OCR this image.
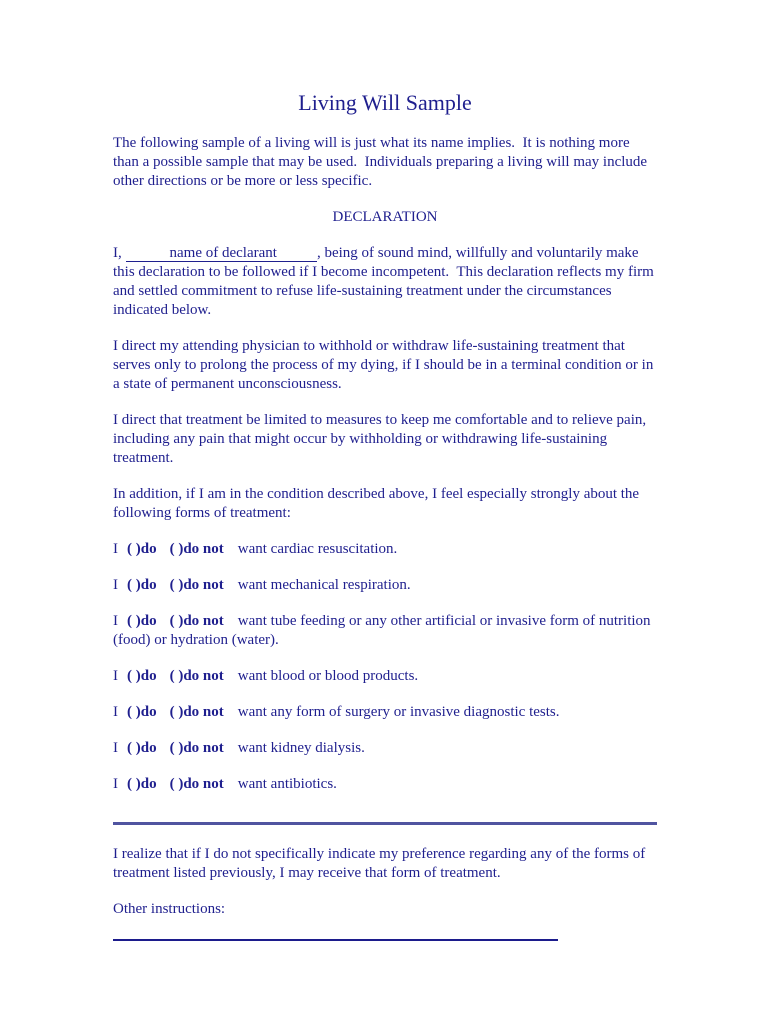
Living Will Sample

The following sample of a living will is just what its name implies.  It is nothing more than a possible sample that may be used.  Individuals preparing a living will may include other directions or be more or less specific.

DECLARATION

I,	name of declarant	, being of sound mind, willfully and voluntarily make this declaration to be followed if I become incompetent.  This declaration reflects my firm and settled commitment to refuse life-sustaining treatment under the circumstances indicated below.

I direct my attending physician to withhold or withdraw life-sustaining treatment that serves only to prolong the process of my dying, if I should be in a terminal condition or in a state of permanent unconsciousness.

I direct that treatment be limited to measures to keep me comfortable and to relieve pain, including any pain that might occur by withholding or withdrawing life-sustaining treatment.

In addition, if I am in the condition described above, I feel especially strongly about the following forms of treatment:

I ( )do ( )do not want cardiac resuscitation.
I ( )do ( )do not want mechanical respiration.
I ( )do ( )do not want tube feeding or any other artificial or invasive form of nutrition (food) or hydration (water).
I ( )do ( )do not want blood or blood products.
I ( )do ( )do not want any form of surgery or invasive diagnostic tests.
I ( )do ( )do not want kidney dialysis.
I ( )do ( )do not want antibiotics.

I realize that if I do not specifically indicate my preference regarding any of the forms of treatment listed previously, I may receive that form of treatment.

Other instructions:
